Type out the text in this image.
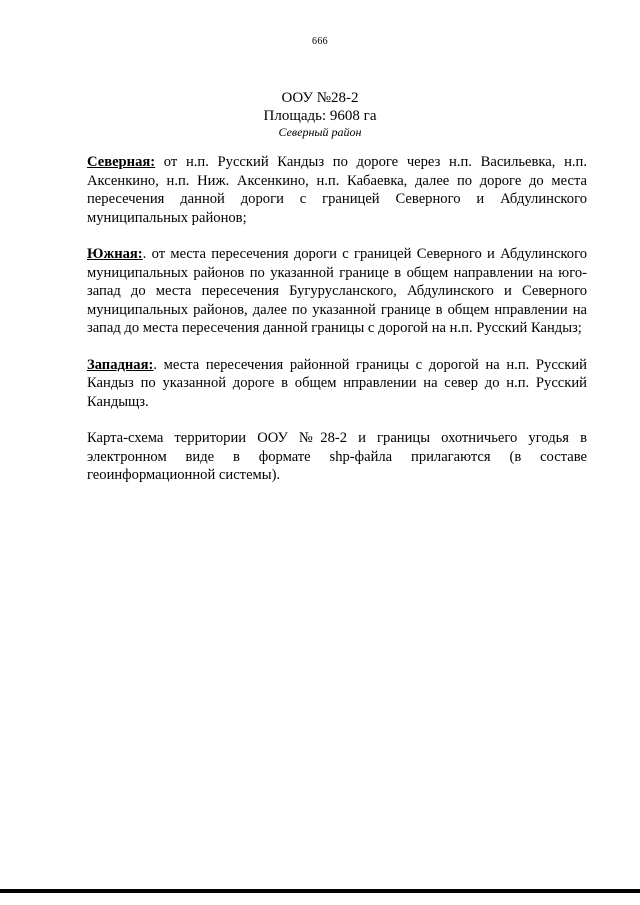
666
ООУ №28-2
Площадь: 9608 га
Северный район

Северная: от н.п. Русский Кандыз по дороге через н.п. Васильевка, н.п. Аксенкино, н.п. Ниж. Аксенкино, н.п. Кабаевка, далее по дороге до места пересечения данной дороги с границей Северного и Абдулинского муниципальных районов;

Южная:. от места пересечения дороги с границей Северного и Абдулинского муниципальных районов по указанной границе в общем направлении на юго-запад до места пересечения Бугурусланского, Абдулинского и Северного муниципальных районов, далее по указанной границе в общем нправлении на запад до места пересечения данной границы с дорогой на н.п. Русский Кандыз;

Западная:. места пересечения районной границы с дорогой на н.п. Русский Кандыз по указанной дороге в общем нправлении на север до н.п. Русский Кандыщз.

Карта-схема территории ООУ №28-2 и границы охотничьего угодья в электронном виде в формате shp-файла прилагаются (в составе геоинформационной системы).
